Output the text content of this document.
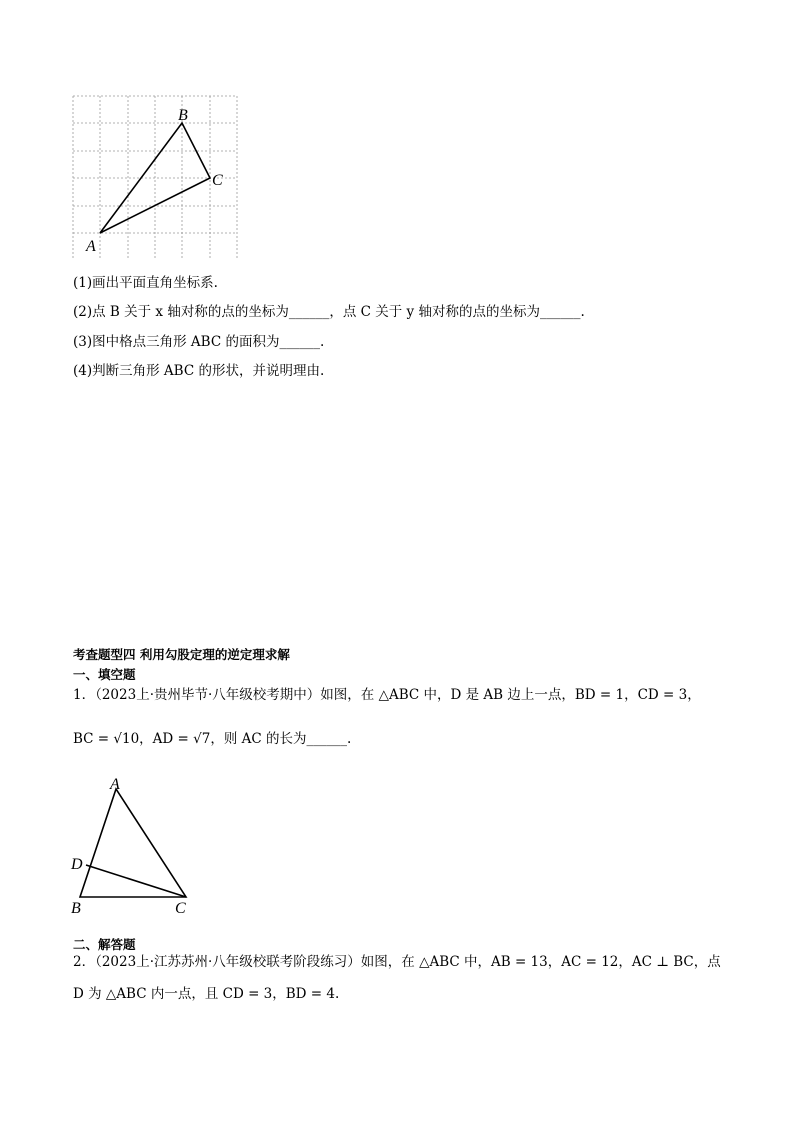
A
B
C
(1)画出平面直角坐标系.
(2)点 B 关于 x 轴对称的点的坐标为______，点 C 关于 y 轴对称的点的坐标为______.
(3)图中格点三角形 ABC 的面积为______.
(4)判断三角形 ABC 的形状，并说明理由.
考查题型四 利用勾股定理的逆定理求解
一、填空题
1．（2023上·贵州毕节·八年级校考期中）如图，在 △ABC 中，D 是 AB 边上一点，BD = 1，CD = 3，
BC = √10，AD = √7，则 AC 的长为______.
A
D
B	C
二、解答题
2．（2023上·江苏苏州·八年级校联考阶段练习）如图，在 △ABC 中，AB = 13，AC = 12，AC ⊥ BC，点
D 为 △ABC 内一点，且 CD = 3，BD = 4.
